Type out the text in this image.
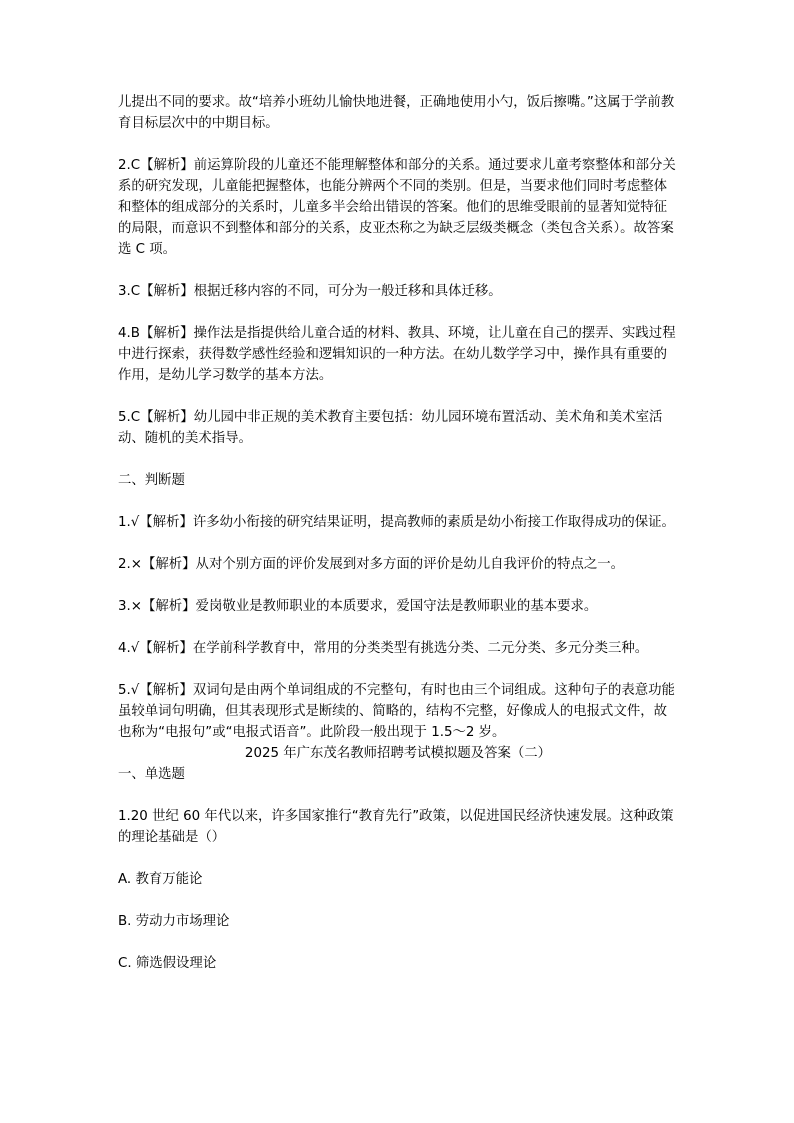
儿提出不同的要求。故“培养小班幼儿愉快地进餐，正确地使用小勺，饭后擦嘴。”这属于学前教育目标层次中的中期目标。

2.C【解析】前运算阶段的儿童还不能理解整体和部分的关系。通过要求儿童考察整体和部分关系的研究发现，儿童能把握整体，也能分辨两个不同的类别。但是，当要求他们同时考虑整体和整体的组成部分的关系时，儿童多半会给出错误的答案。他们的思维受眼前的显著知觉特征的局限，而意识不到整体和部分的关系，皮亚杰称之为缺乏层级类概念（类包含关系）。故答案选 C 项。

3.C【解析】根据迁移内容的不同，可分为一般迁移和具体迁移。

4.B【解析】操作法是指提供给儿童合适的材料、教具、环境，让儿童在自己的摆弄、实践过程中进行探索，获得数学感性经验和逻辑知识的一种方法。在幼儿数学学习中，操作具有重要的作用，是幼儿学习数学的基本方法。

5.C【解析】幼儿园中非正规的美术教育主要包括：幼儿园环境布置活动、美术角和美术室活动、随机的美术指导。

二、判断题

1.√【解析】许多幼小衔接的研究结果证明，提高教师的素质是幼小衔接工作取得成功的保证。

2.×【解析】从对个别方面的评价发展到对多方面的评价是幼儿自我评价的特点之一。

3.×【解析】爱岗敬业是教师职业的本质要求，爱国守法是教师职业的基本要求。

4.√【解析】在学前科学教育中，常用的分类类型有挑选分类、二元分类、多元分类三种。

5.√【解析】双词句是由两个单词组成的不完整句，有时也由三个词组成。这种句子的表意功能虽较单词句明确，但其表现形式是断续的、简略的，结构不完整，好像成人的电报式文件，故也称为“电报句”或“电报式语音”。此阶段一般出现于 1.5～2 岁。

2025 年广东茂名教师招聘考试模拟题及答案（二）

一、单选题

1.20 世纪 60 年代以来，许多国家推行“教育先行”政策，以促进国民经济快速发展。这种政策的理论基础是（）

A. 教育万能论

B. 劳动力市场理论

C. 筛选假设理论
